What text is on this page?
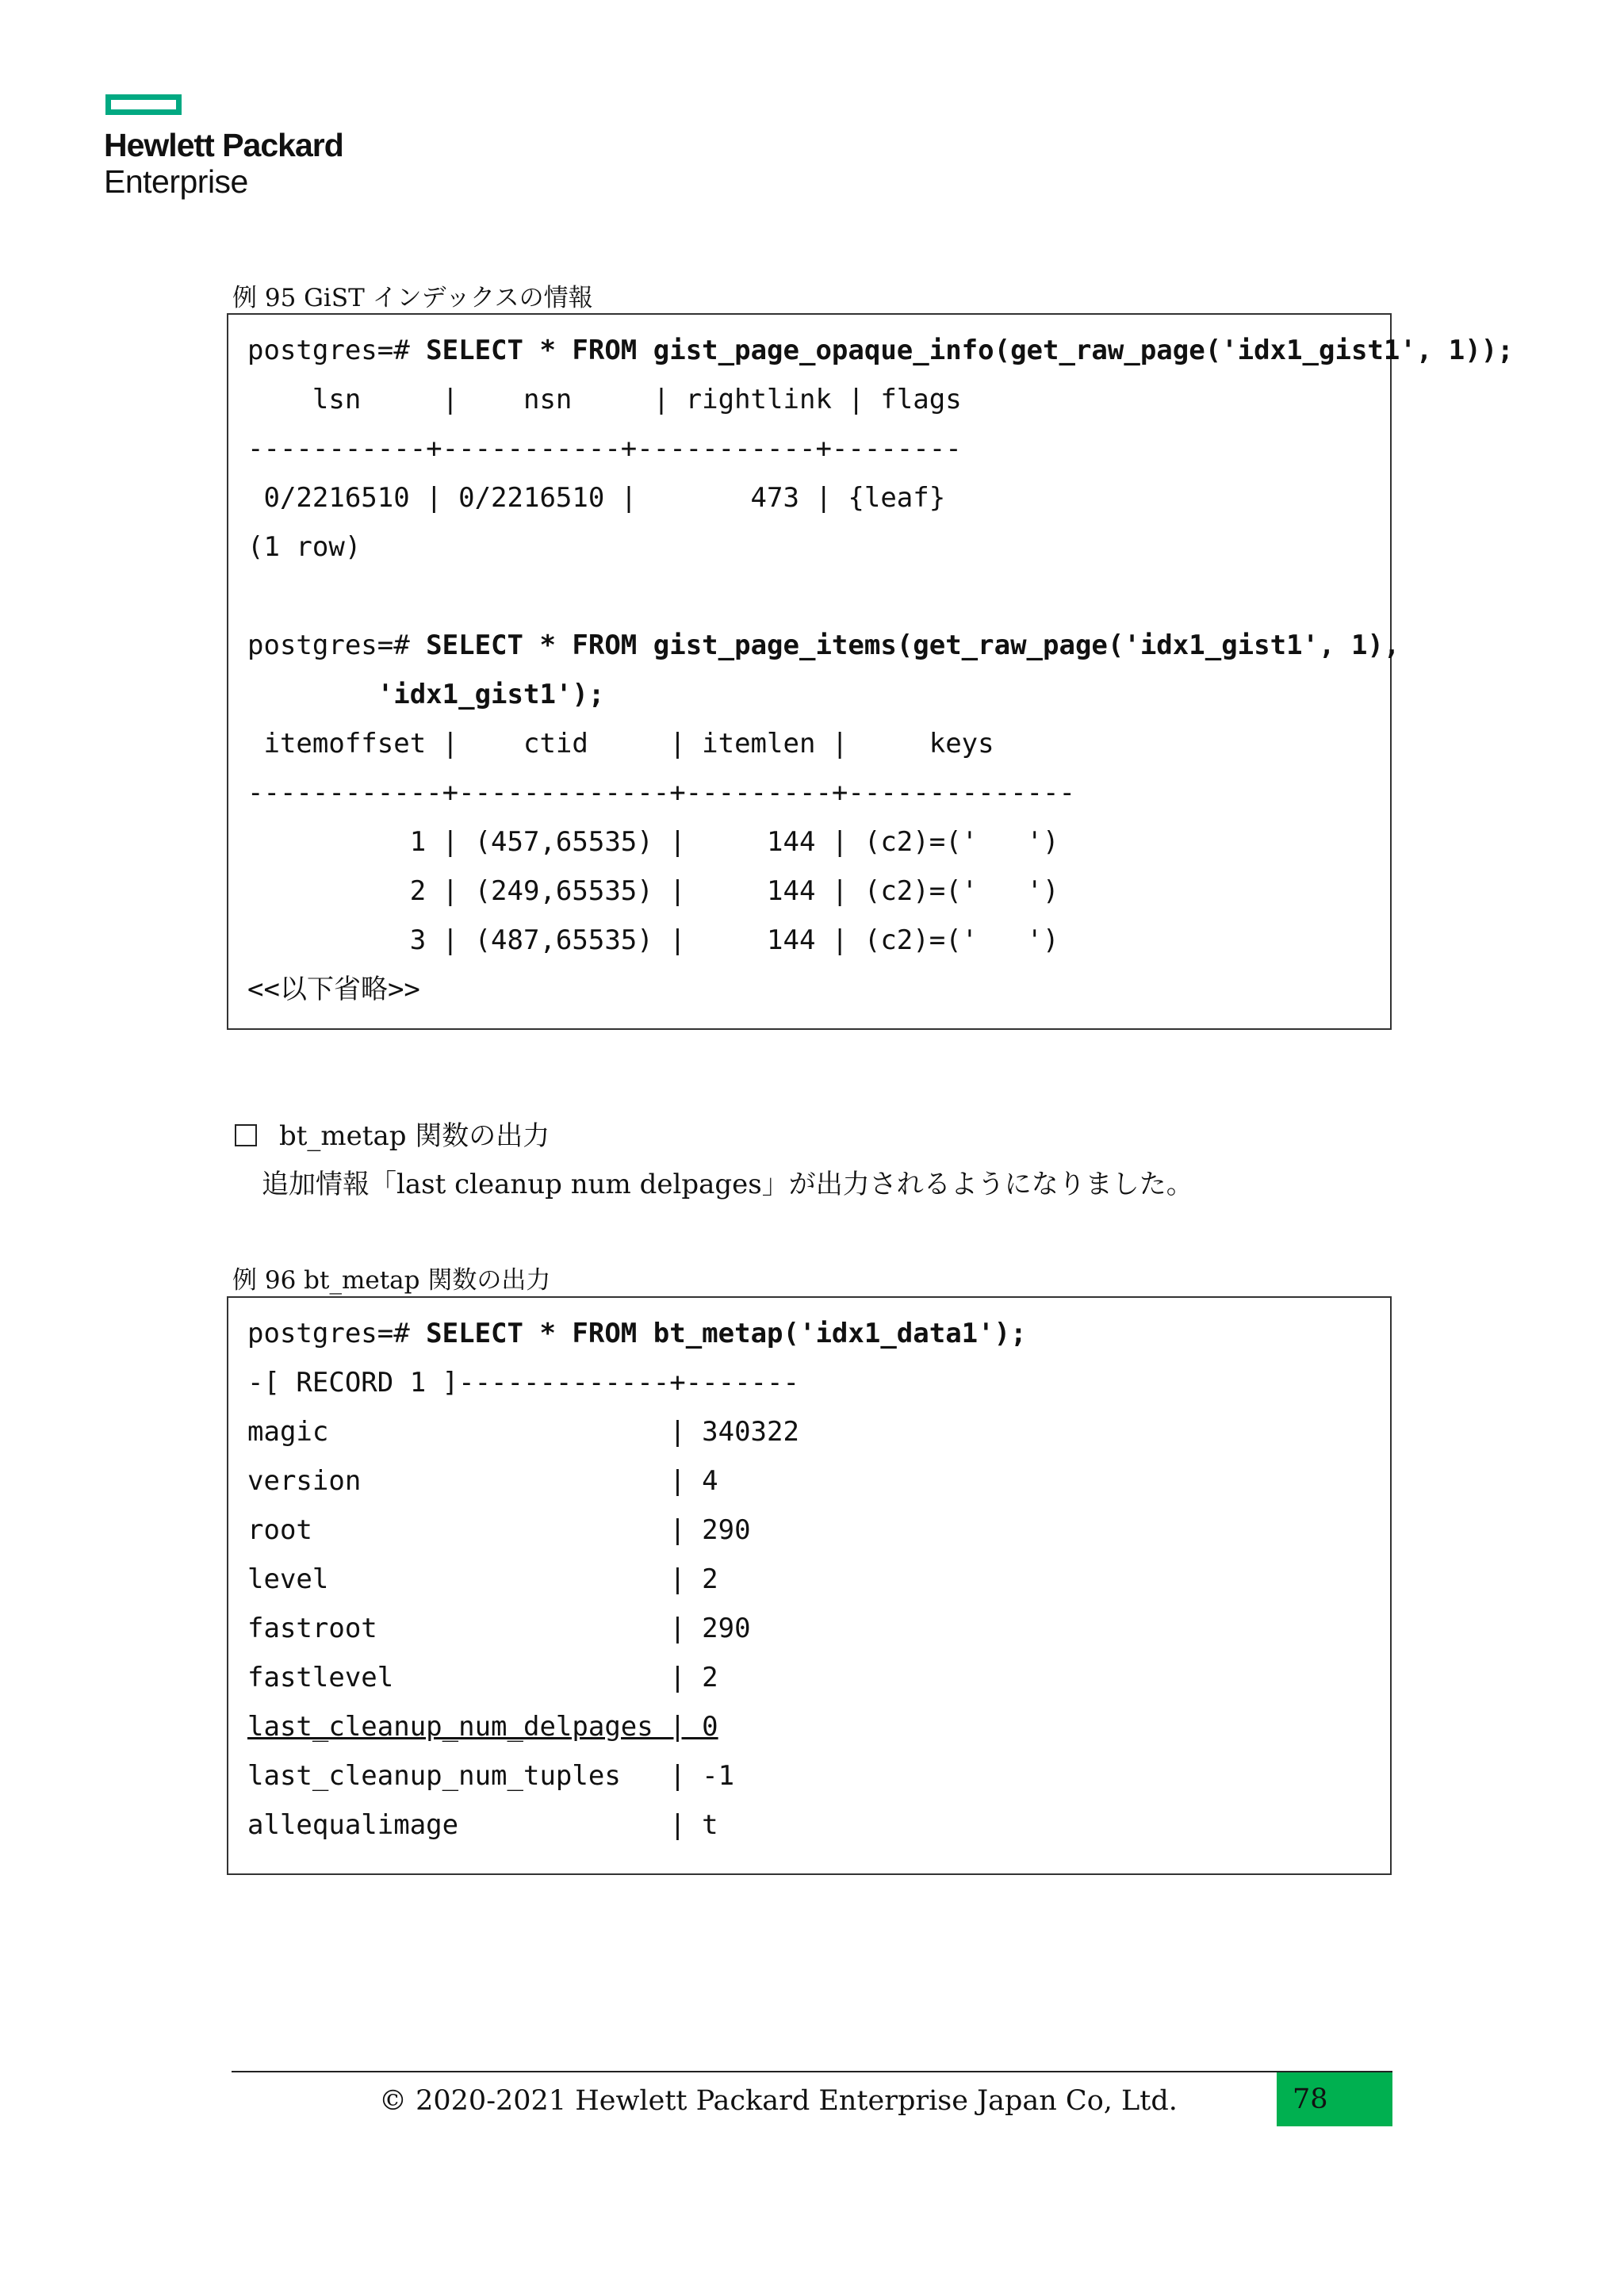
Hewlett Packard
Enterprise
例 95 GiST インデックスの情報
postgres=# SELECT * FROM gist_page_opaque_info(get_raw_page('idx1_gist1', 1));
lsn     |    nsn     | rightlink | flags
-----------+-----------+-----------+--------
0/2216510 | 0/2216510 |       473 | {leaf}
(1 row)

postgres=# SELECT * FROM gist_page_items(get_raw_page('idx1_gist1', 1),
'idx1_gist1');
itemoffset |    ctid     | itemlen |     keys
------------+-------------+---------+--------------
1 | (457,65535) |     144 | (c2)=('   ')
2 | (249,65535) |     144 | (c2)=('   ')
3 | (487,65535) |     144 | (c2)=('   ')
<<以下省略>>
bt_metap 関数の出力
追加情報「last cleanup num delpages」が出力されるようになりました。
例 96 bt_metap 関数の出力
postgres=# SELECT * FROM bt_metap('idx1_data1');
-[ RECORD 1 ]-------------+-------
magic                     | 340322
version                   | 4
root                      | 290
level                     | 2
fastroot                  | 290
fastlevel                 | 2
last_cleanup_num_delpages | 0
last_cleanup_num_tuples   | -1
allequalimage             | t
© 2020-2021 Hewlett Packard Enterprise Japan Co, Ltd.	78
